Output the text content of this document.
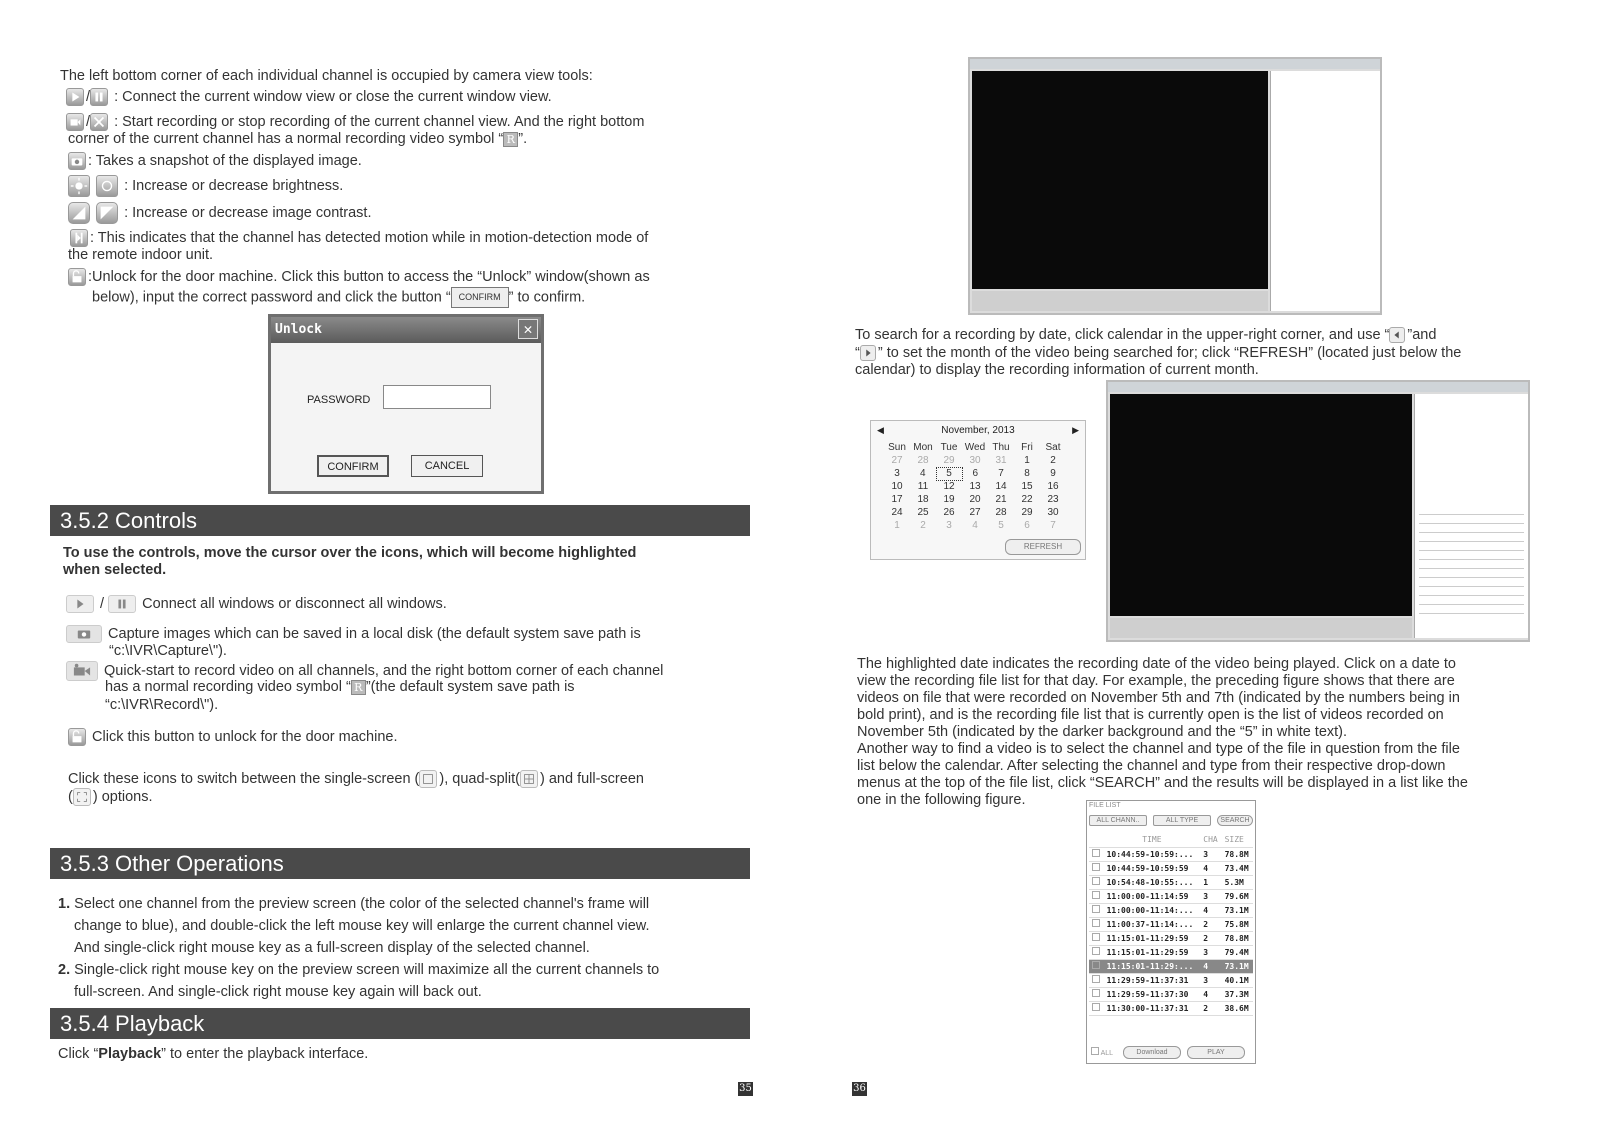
The left bottom corner of each individual channel is occupied by camera view tools:
/ : Connect the current window view or close the current window view.
/ : Start recording or stop recording of the current channel view. And the right bottom
corner of the current channel has a normal recording video symbol “ R ”.
: Takes a snapshot of the displayed image.

: Increase or decrease brightness.

: Increase or decrease image contrast.
: This indicates that the channel has detected motion while in motion-detection mode of
the remote indoor unit.
:Unlock for the door machine. Click this button to access the “Unlock” window(shown as
below), input the correct password and click the button “ CONFIRM ” to confirm.
Unlock	✕
PASSWORD
CONFIRM	CANCEL
3.5.2 Controls
To use the controls, move the cursor over the icons, which will become highlighted
when selected.
/
Connect all windows or disconnect all windows.
Capture images which can be saved in a local disk (the default system save path is
“c:\IVR\Capture\").
Quick-start to record video on all channels, and the right bottom corner of each channel
has a normal recording video symbol “ R ”(the default system save path is
“c:\IVR\Record\").
Click this button to unlock for the door machine.
Click these icons to switch between the single-screen ( ), quad-split( ) and full-screen
( ) options.
3.5.3 Other Operations
1. Select one channel from the preview screen (the color of the selected channel's frame will
change to blue), and double-click the left mouse key will enlarge the current channel view.
And single-click right mouse key as a full-screen display of the selected channel.
2. Single-click right mouse key on the preview screen will maximize all the current channels to
full-screen. And single-click right mouse key again will back out.
3.5.4 Playback
Click “Playback” to enter the playback interface.
35
To search for a recording by date, click calendar in the upper-right corner, and use “ ”and
“ ” to set the month of the video being searched for; click “REFRESH” (located just below the
calendar) to display the recording information of current month.
◀	November, 2013	▶
Sun	Mon	Tue	Wed	Thu	Fri	Sat
27	28	29	30	31	1	2
3	4	5	6	7	8	9
10	11	12	13	14	15	16
17	18	19	20	21	22	23
24	25	26	27	28	29	30
1	2	3	4	5	6	7
REFRESH
The highlighted date indicates the recording date of the video being played. Click on a date to
view the recording file list for that day. For example, the preceding figure shows that there are
videos on file that were recorded on November 5th and 7th (indicated by the numbers being in
bold print), and is the recording file list that is currently open is the list of videos recorded on
November 5th (indicated by the darker background and the “5” in white text).
Another way to find a video is to select the channel and type of the file in question from the file
list below the calendar. After selecting the channel and type from their respective drop-down
menus at the top of the file list, click “SEARCH” and the results will be displayed in a list like the
one in the following figure.	FILE LIST
ALL CHANN..	ALL TYPE	SEARCH
	TIME	CHA	SIZE
	10:44:59-10:59:...	3	78.8M
	10:44:59-10:59:59	4	73.4M
	10:54:48-10:55:...	1	5.3M
	11:00:00-11:14:59	3	79.6M
	11:00:00-11:14:...	4	73.1M
	11:00:37-11:14:...	2	75.8M
	11:15:01-11:29:59	2	78.8M
	11:15:01-11:29:59	3	79.4M
	11:15:01-11:29:...	4	73.1M
	11:29:59-11:37:31	3	40.1M
	11:29:59-11:37:30	4	37.3M
	11:30:00-11:37:31	2	38.6M
ALL	Download	PLAY
36
